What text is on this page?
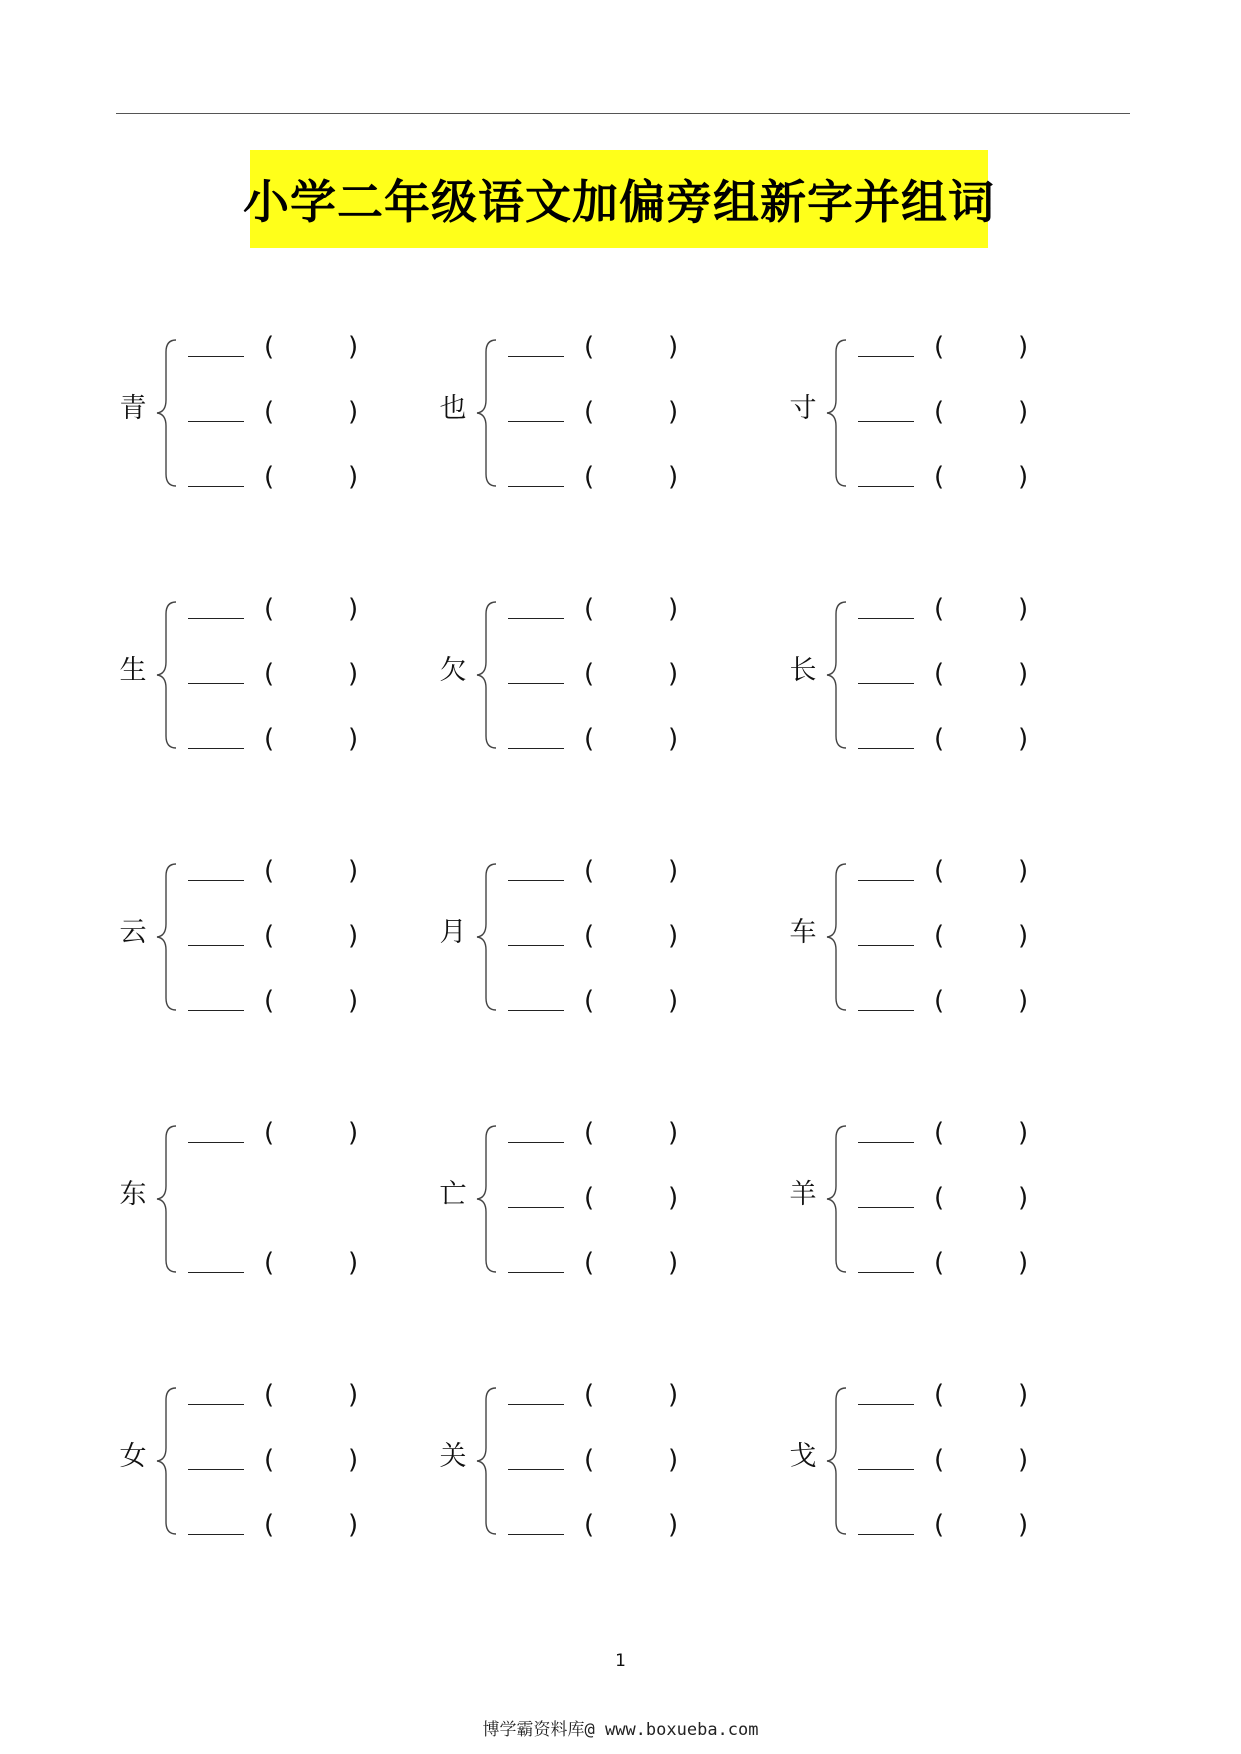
小学二年级语文加偏旁组新字并组词
青
(	)
(	)
(	)
也
(	)
(	)
(	)
寸
(	)
(	)
(	)
生
(	)
(	)
(	)
欠
(	)
(	)
(	)
长
(	)
(	)
(	)
云
(	)
(	)
(	)
月
(	)
(	)
(	)
车
(	)
(	)
(	)
东
(	)
(	)
亡
(	)
(	)
(	)
羊
(	)
(	)
(	)
女
(	)
(	)
(	)
关
(	)
(	)
(	)
戈
(	)
(	)
(	)
1
博学霸资料库@ www.boxueba.com
